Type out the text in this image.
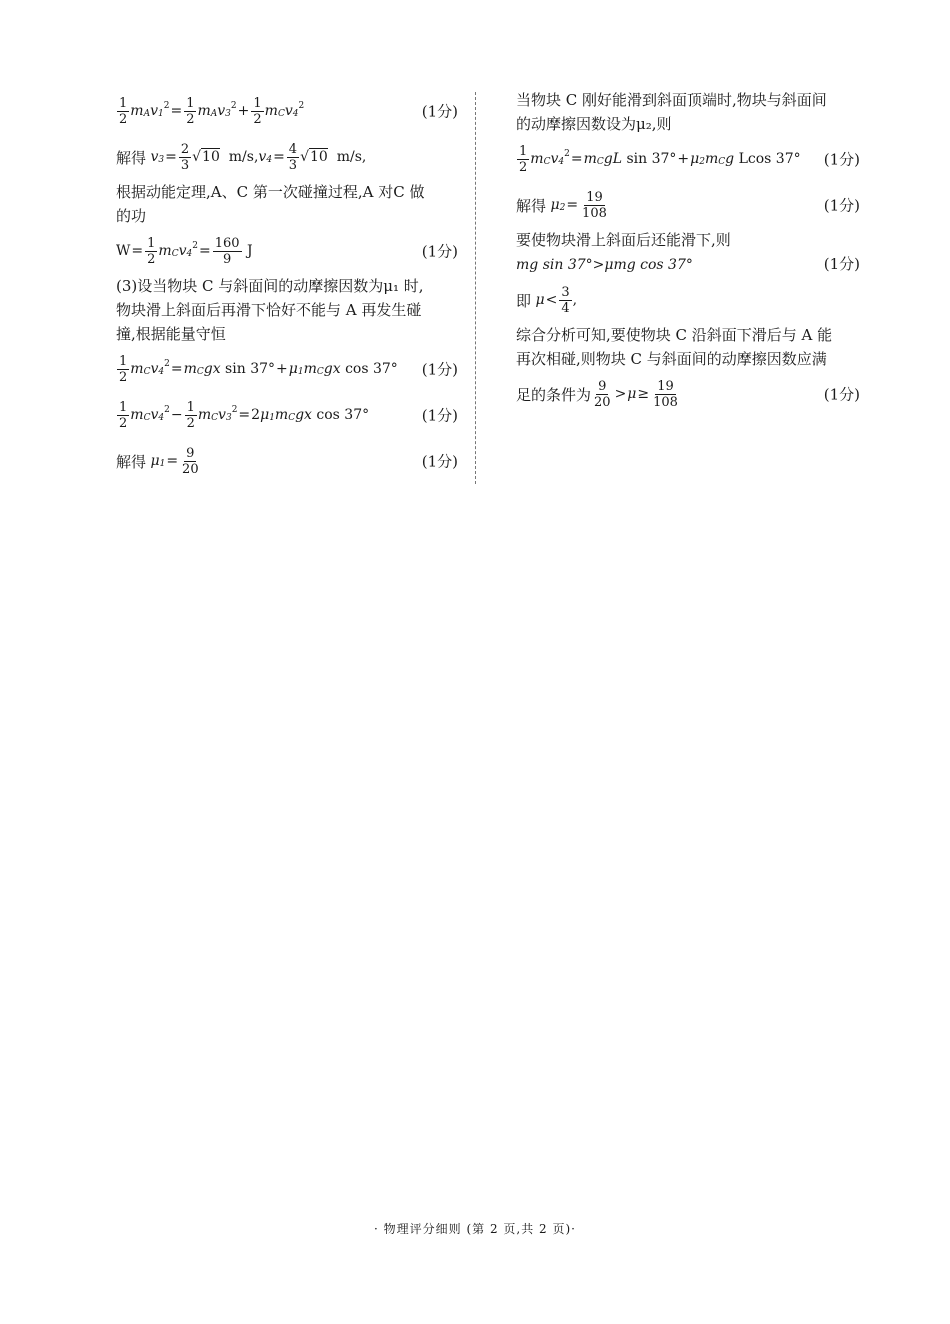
$\frac{1}{2}$ m A v 1
$2 = \frac{1}{2}$ m A v 3
$2 + \frac{1}{2}$ m C v 4
2	(1分)
解得 v $3 = \frac{2}{3} √10$ m/s, v $4 = \frac{4}{3} √10$ m/s,
根据动能定理,A、C 第一次碰撞过程,A 对C 做
的功
$W = \frac{1}{2}$ m C v 4
$2 = \frac{160}{9}$ J	(1分)
(3)设当物块 C 与斜面间的动摩擦因数为μ₁ 时,
物块滑上斜面后再滑下恰好不能与 A 再发生碰
撞,根据能量守恒
$\frac{1}{2}$ m C v 4
2 = m C gx sin 37° + μ 1 m C gx cos 37° (1分)
$\frac{1}{2}$ m C v 4
$2 - \frac{1}{2}$ m C v 3
2 = 2 μ 1 m C gx cos 37°	(1分)
解得 μ $1 = \frac{9}{20}$	(1分)
当物块 C 刚好能滑到斜面顶端时,物块与斜面间
的动摩擦因数设为μ₂,则
$\frac{1}{2}$ m C v 4
2 = m C gL sin 37° + μ 2 m C g Lcos 37° (1分)
解得 μ $2 = \frac{19}{108}$	(1分)
要使物块滑上斜面后还能滑下,则
mg sin 37°>μmg cos 37°	(1分)
即 $\mu < \frac{3}{4}$ ,
综合分析可知,要使物块 C 沿斜面下滑后与 A 能
再次相碰,则物块 C 与斜面间的动摩擦因数应满
足的条件为 $\frac{9}{20} > \mu \ge \frac{19}{108}$	(1分)
· 物理评分细则 (第 2 页,共 2 页)·
